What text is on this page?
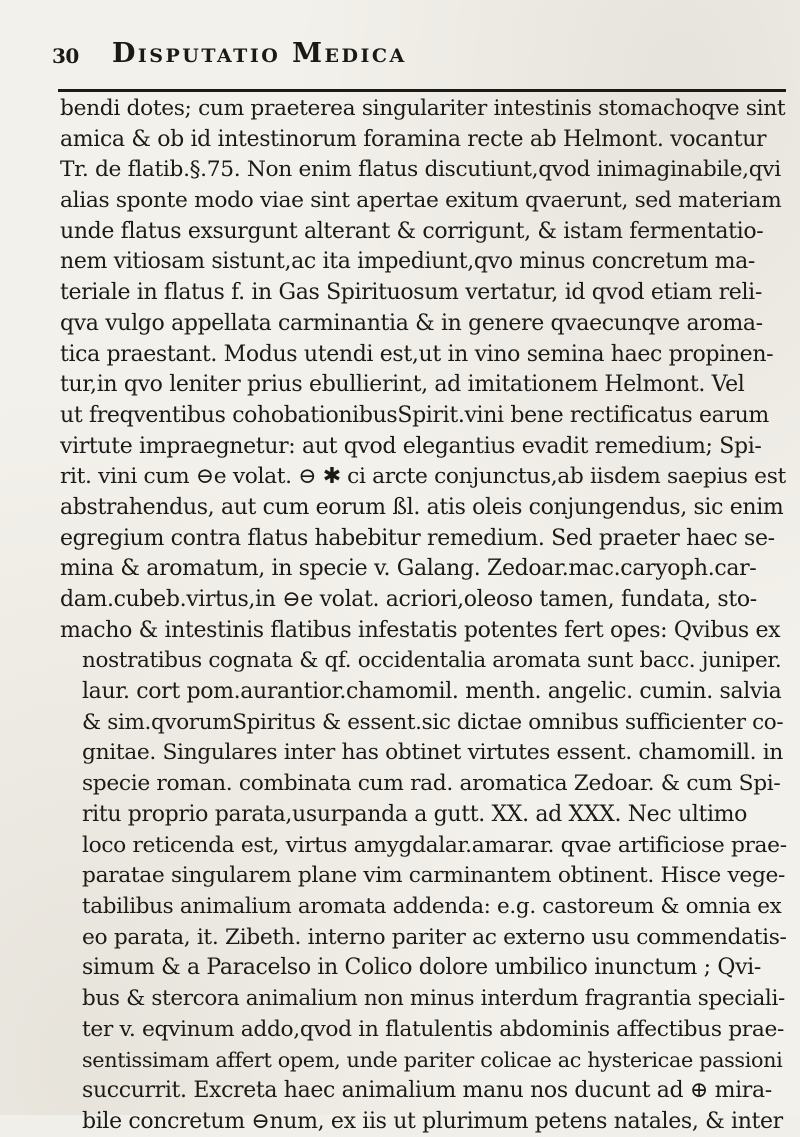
30 Disputatio Medica
bendi dotes; cum praeterea singulariter intestinis stomachoqve sint
amica & ob id intestinorum foramina recte ab Helmont. vocantur
Tr. de flatib.§.75. Non enim flatus discutiunt,qvod inimaginabile,qvi
alias sponte modo viae sint apertae exitum qvaerunt, sed materiam
unde flatus exsurgunt alterant & corrigunt, & istam fermentatio-
nem vitiosam sistunt,ac ita impediunt,qvo minus concretum ma-
teriale in flatus f. in Gas Spirituosum vertatur, id qvod etiam reli-
qva vulgo appellata carminantia & in genere qvaecunqve aroma-
tica praestant. Modus utendi est,ut in vino semina haec propinen-
tur,in qvo leniter prius ebullierint, ad imitationem Helmont. Vel
ut freqventibus cohobationibusSpirit.vini bene rectificatus earum
virtute impraegnetur: aut qvod elegantius evadit remedium; Spi-
rit. vini cum ⊖e volat. ⊖ ✱ ci arcte conjunctus,ab iisdem saepius est
abstrahendus, aut cum eorum ßl. atis oleis conjungendus, sic enim
egregium contra flatus habebitur remedium. Sed praeter haec se-
mina & aromatum, in specie v. Galang. Zedoar.mac.caryoph.car-
dam.cubeb.virtus,in ⊖e volat. acriori,oleoso tamen, fundata, sto-
macho & intestinis flatibus infestatis potentes fert opes: Qvibus ex
nostratibus cognata & qf. occidentalia aromata sunt bacc. juniper.
laur. cort pom.aurantior.chamomil. menth. angelic. cumin. salvia
& sim.qvorumSpiritus & essent.sic dictae omnibus sufficienter co-
gnitae. Singulares inter has obtinet virtutes essent. chamomill. in
specie roman. combinata cum rad. aromatica Zedoar. & cum Spi-
ritu proprio parata,usurpanda a gutt. XX. ad XXX. Nec ultimo
loco reticenda est, virtus amygdalar.amarar. qvae artificiose prae-
paratae singularem plane vim carminantem obtinent. Hisce vege-
tabilibus animalium aromata addenda: e.g. castoreum & omnia ex
eo parata, it. Zibeth. interno pariter ac externo usu commendatis-
simum & a Paracelso in Colico dolore umbilico inunctum ; Qvi-
bus & stercora animalium non minus interdum fragrantia speciali-
ter v. eqvinum addo,qvod in flatulentis abdominis affectibus prae-
sentissimam affert opem, unde pariter colicae ac hystericae passioni
succurrit. Excreta haec animalium manu nos ducunt ad ⊕ mira-
bile concretum ⊖num, ex iis ut plurimum petens natales, & inter
